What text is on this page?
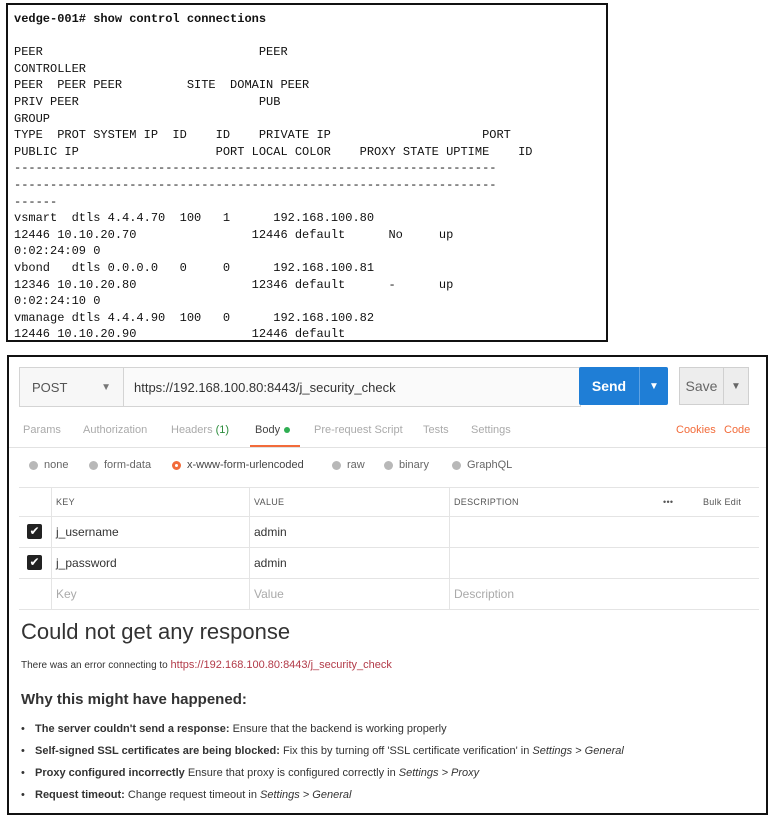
vedge-001# show control connections

PEER                              PEER
CONTROLLER
PEER  PEER PEER         SITE  DOMAIN PEER
PRIV PEER                         PUB
GROUP
TYPE  PROT SYSTEM IP  ID    ID    PRIVATE IP                     PORT
PUBLIC IP                   PORT LOCAL COLOR    PROXY STATE UPTIME    ID
-------------------------------------------------------------------
-------------------------------------------------------------------
------
vsmart  dtls 4.4.4.70  100   1      192.168.100.80
12446 10.10.20.70                12446 default      No     up
0:02:24:09 0
vbond   dtls 0.0.0.0   0     0      192.168.100.81
12346 10.10.20.80                12346 default      -      up
0:02:24:10 0
vmanage dtls 4.4.4.90  100   0      192.168.100.82
12446 10.10.20.90                12446 default
POST	▼ https://192.168.100.80:8443/j_security_check	Send	▼	Save	▼
Params Authorization Headers (1) Body	Pre-request Script Tests Settings	Cookies Code
none	form-data	x-www-form-urlencoded	raw	binary	GraphQL
KEY	VALUE	DESCRIPTION	•••	Bulk Edit
✔	j_username	admin
✔	j_password	admin
Key	Value	Description
Could not get any response
There was an error connecting to https://192.168.100.80:8443/j_security_check
Why this might have happened:
• The server couldn't send a response: Ensure that the backend is working properly
• Self-signed SSL certificates are being blocked: Fix this by turning off 'SSL certificate verification' in Settings > General
• Proxy configured incorrectly Ensure that proxy is configured correctly in Settings > Proxy
• Request timeout: Change request timeout in Settings > General
